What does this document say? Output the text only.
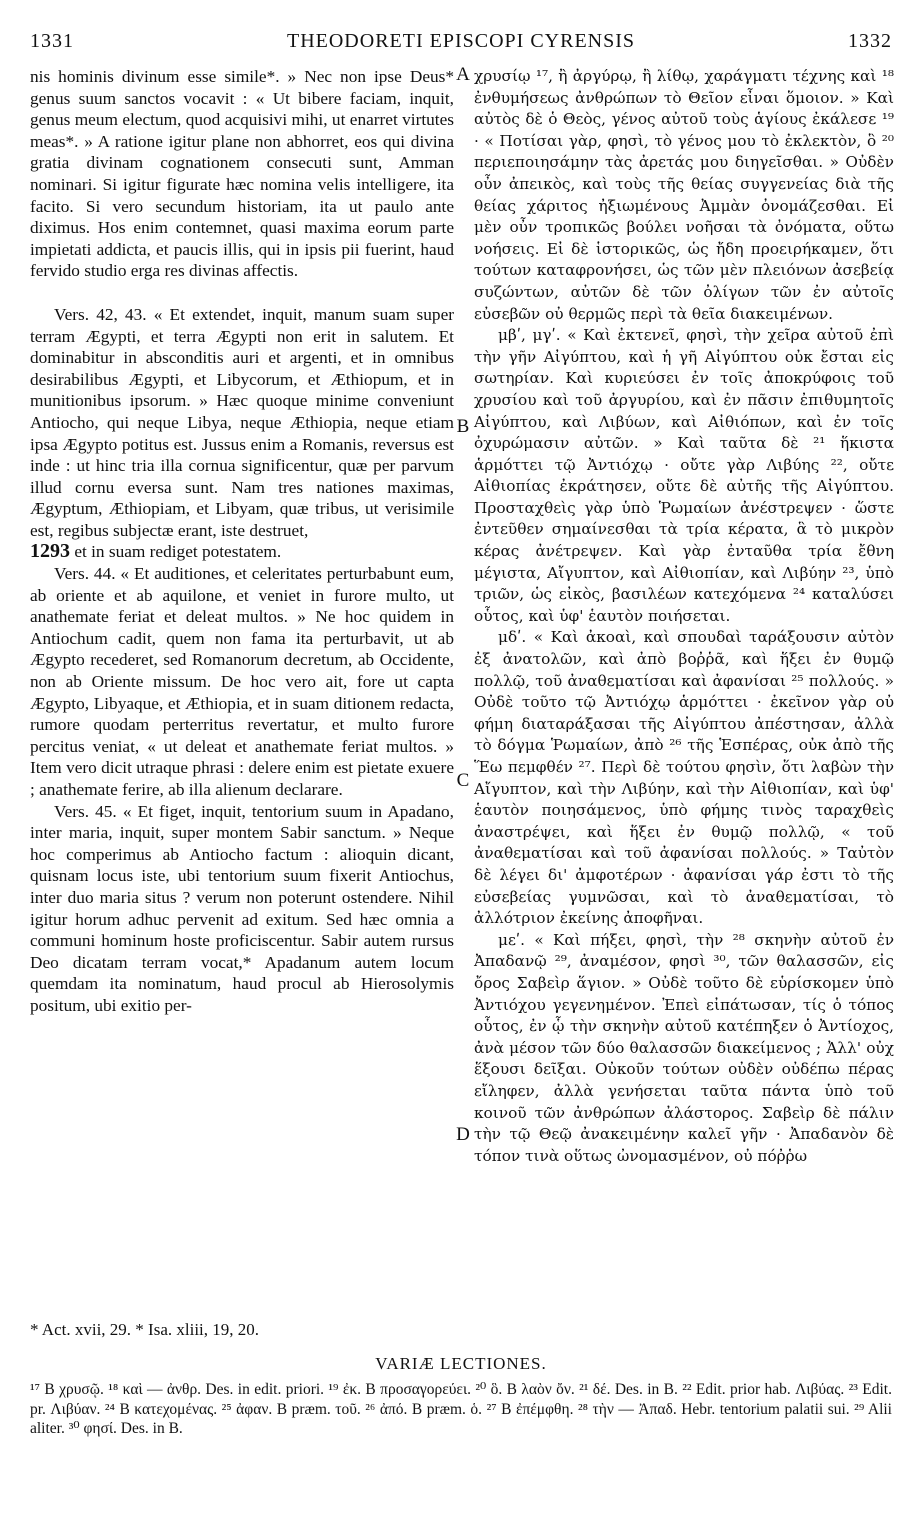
1331	THEODORETI EPISCOPI CYRENSIS	1332

nis hominis divinum esse simile*. » Nec non ipse Deus* genus suum sanctos vocavit : « Ut bibere faciam, inquit, genus meum electum, quod acquisivi mihi, ut enarret virtutes meas*. » A ratione igitur plane non abhorret, eos qui divina gratia divinam cognationem consecuti sunt, Amman nominari. Si igitur figurate hæc nomina velis intelligere, ita facito. Si vero secundum historiam, ita ut paulo ante diximus. Hos enim contemnet, quasi maxima eorum parte impietati addicta, et paucis illis, qui in ipsis pii fuerint, haud fervido studio erga res divinas affectis.

Vers. 42, 43. « Et extendet, inquit, manum suam super terram Ægypti, et terra Ægypti non erit in salutem. Et dominabitur in absconditis auri et argenti, et in omnibus desirabilibus Ægypti, et Libycorum, et Æthiopum, et in munitionibus ipsorum. » Hæc quoque minime conveniunt Antiocho, qui neque Libya, neque Æthiopia, neque etiam ipsa Ægypto potitus est. Jussus enim a Romanis, reversus est inde : ut hinc tria illa cornua significentur, quæ per parvum illud cornu eversa sunt. Nam tres nationes maximas, Ægyptum, Æthiopiam, et Libyam, quæ tribus, ut verisimile est, regibus subjectæ erant, iste destruet,

1293 et in suam rediget potestatem.

Vers. 44. « Et auditiones, et celeritates perturbabunt eum, ab oriente et ab aquilone, et veniet in furore multo, ut anathemate feriat et deleat multos. » Ne hoc quidem in Antiochum cadit, quem non fama ita perturbavit, ut ab Ægypto recederet, sed Romanorum decretum, ab Occidente, non ab Oriente missum. De hoc vero ait, fore ut capta Ægypto, Libyaque, et Æthiopia, et in suam ditionem redacta, rumore quodam perterritus revertatur, et multo furore percitus veniat, « ut deleat et anathemate feriat multos. » Item vero dicit utraque phrasi : delere enim est pietate exuere ; anathemate ferire, ab illa alienum declarare.

Vers. 45. « Et figet, inquit, tentorium suum in Apadano, inter maria, inquit, super montem Sabir sanctum. » Neque hoc comperimus ab Antiocho factum : alioquin dicant, quisnam locus iste, ubi tentorium suum fixerit Antiochus, inter duo maria situs ? verum non poterunt ostendere. Nihil igitur horum adhuc pervenit ad exitum. Sed hæc omnia a communi hominum hoste proficiscentur. Sabir autem rursus Deo dicatam terram vocat,* Apadanum autem locum quemdam ita nominatum, haud procul ab Hierosolymis positum, ubi exitio per-

A
B
C
D

χρυσίῳ ¹⁷, ἢ ἀργύρῳ, ἢ λίθῳ, χαράγματι τέχνης καὶ ¹⁸ ἐνθυμήσεως ἀνθρώπων τὸ Θεῖον εἶναι ὅμοιον. » Καὶ αὐτὸς δὲ ὁ Θεὸς, γένος αὐτοῦ τοὺς ἁγίους ἐκάλεσε ¹⁹ · « Ποτίσαι γὰρ, φησὶ, τὸ γένος μου τὸ ἐκλεκτὸν, ὃ ²⁰ περιεποιησάμην τὰς ἀρετάς μου διηγεῖσθαι. » Οὐδὲν οὖν ἀπεικὸς, καὶ τοὺς τῆς θείας συγγενείας διὰ τῆς θείας χάριτος ἠξιωμένους Ἀμμὰν ὀνομάζεσθαι. Εἰ μὲν οὖν τροπικῶς βούλει νοῆσαι τὰ ὀνόματα, οὕτω νοήσεις. Εἰ δὲ ἱστορικῶς, ὡς ἤδη προειρήκαμεν, ὅτι τούτων καταφρονήσει, ὡς τῶν μὲν πλειόνων ἀσεβείᾳ συζώντων, αὐτῶν δὲ τῶν ὀλίγων τῶν ἐν αὐτοῖς εὐσεβῶν οὐ θερμῶς περὶ τὰ θεῖα διακειμένων.

μβʹ, μγʹ. « Καὶ ἐκτενεῖ, φησὶ, τὴν χεῖρα αὐτοῦ ἐπὶ τὴν γῆν Αἰγύπτου, καὶ ἡ γῆ Αἰγύπτου οὐκ ἔσται εἰς σωτηρίαν. Καὶ κυριεύσει ἐν τοῖς ἀποκρύφοις τοῦ χρυσίου καὶ τοῦ ἀργυρίου, καὶ ἐν πᾶσιν ἐπιθυμητοῖς Αἰγύπτου, καὶ Λιβύων, καὶ Αἰθιόπων, καὶ ἐν τοῖς ὀχυρώμασιν αὐτῶν. » Καὶ ταῦτα δὲ ²¹ ἥκιστα ἁρμόττει τῷ Ἀντιόχῳ · οὔτε γὰρ Λιβύης ²², οὔτε Αἰθιοπίας ἐκράτησεν, οὔτε δὲ αὐτῆς τῆς Αἰγύπτου. Προσταχθεὶς γὰρ ὑπὸ Ῥωμαίων ἀνέστρεψεν · ὥστε ἐντεῦθεν σημαίνεσθαι τὰ τρία κέρατα, ἃ τὸ μικρὸν κέρας ἀνέτρεψεν. Καὶ γὰρ ἐνταῦθα τρία ἔθνη μέγιστα, Αἴγυπτον, καὶ Αἰθιοπίαν, καὶ Λιβύην ²³, ὑπὸ τριῶν, ὡς εἰκὸς, βασιλέων κατεχόμενα ²⁴ καταλύσει οὗτος, καὶ ὑφ' ἑαυτὸν ποιήσεται.

μδʹ. « Καὶ ἀκοαὶ, καὶ σπουδαὶ ταράξουσιν αὐτὸν ἐξ ἀνατολῶν, καὶ ἀπὸ βοῤῥᾶ, καὶ ἥξει ἐν θυμῷ πολλῷ, τοῦ ἀναθεματίσαι καὶ ἀφανίσαι ²⁵ πολλούς. » Οὐδὲ τοῦτο τῷ Ἀντιόχῳ ἁρμόττει · ἐκεῖνον γὰρ οὐ φήμη διαταράξασαι τῆς Αἰγύπτου ἀπέστησαν, ἀλλὰ τὸ δόγμα Ῥωμαίων, ἀπὸ ²⁶ τῆς Ἑσπέρας, οὐκ ἀπὸ τῆς Ἕω πεμφθέν ²⁷. Περὶ δὲ τούτου φησὶν, ὅτι λαβὼν τὴν Αἴγυπτον, καὶ τὴν Λιβύην, καὶ τὴν Αἰθιοπίαν, καὶ ὑφ' ἑαυτὸν ποιησάμενος, ὑπὸ φήμης τινὸς ταραχθεὶς ἀναστρέψει, καὶ ἥξει ἐν θυμῷ πολλῷ, « τοῦ ἀναθεματίσαι καὶ τοῦ ἀφανίσαι πολλούς. » Ταὐτὸν δὲ λέγει δι' ἀμφοτέρων · ἀφανίσαι γάρ ἐστι τὸ τῆς εὐσεβείας γυμνῶσαι, καὶ τὸ ἀναθεματίσαι, τὸ ἀλλότριον ἐκείνης ἀποφῆναι.

μεʹ. « Καὶ πήξει, φησὶ, τὴν ²⁸ σκηνὴν αὐτοῦ ἐν Ἀπαδανῷ ²⁹, ἀναμέσον, φησὶ ³⁰, τῶν θαλασσῶν, εἰς ὄρος Σαβεὶρ ἅγιον. » Οὐδὲ τοῦτο δὲ εὑρίσκομεν ὑπὸ Ἀντιόχου γεγενημένον. Ἐπεὶ εἰπάτωσαν, τίς ὁ τόπος οὗτος, ἐν ᾧ τὴν σκηνὴν αὐτοῦ κατέπηξεν ὁ Ἀντίοχος, ἀνὰ μέσον τῶν δύο θαλασσῶν διακείμενος ; Ἀλλ' οὐχ ἕξουσι δεῖξαι. Οὐκοῦν τούτων οὐδὲν οὐδέπω πέρας εἴληφεν, ἀλλὰ γενήσεται ταῦτα πάντα ὑπὸ τοῦ κοινοῦ τῶν ἀνθρώπων ἀλάστορος. Σαβεὶρ δὲ πάλιν τὴν τῷ Θεῷ ἀνακειμένην καλεῖ γῆν · Ἀπαδανὸν δὲ τόπον τινὰ οὕτως ὠνομασμένον, οὐ πόῤῥω

* Act. xvii, 29. * Isa. xliii, 19, 20.
VARIÆ LECTIONES.
¹⁷ B χρυσῷ. ¹⁸ καὶ — ἀνθρ. Des. in edit. priori. ¹⁹ ἐκ. B προσαγορεύει. ²⁰ ὃ. B λαὸν ὄν. ²¹ δέ. Des. in B. ²² Edit. prior hab. Λιβύας. ²³ Edit. pr. Λιβύαν. ²⁴ B κατεχομένας. ²⁵ ἀφαν. B præm. τοῦ. ²⁶ ἀπό. B præm. ὁ. ²⁷ B ἐπέμφθη. ²⁸ τὴν — Ἀπαδ. Hebr. tentorium palatii sui. ²⁹ Alii aliter. ³⁰ φησί. Des. in B.
